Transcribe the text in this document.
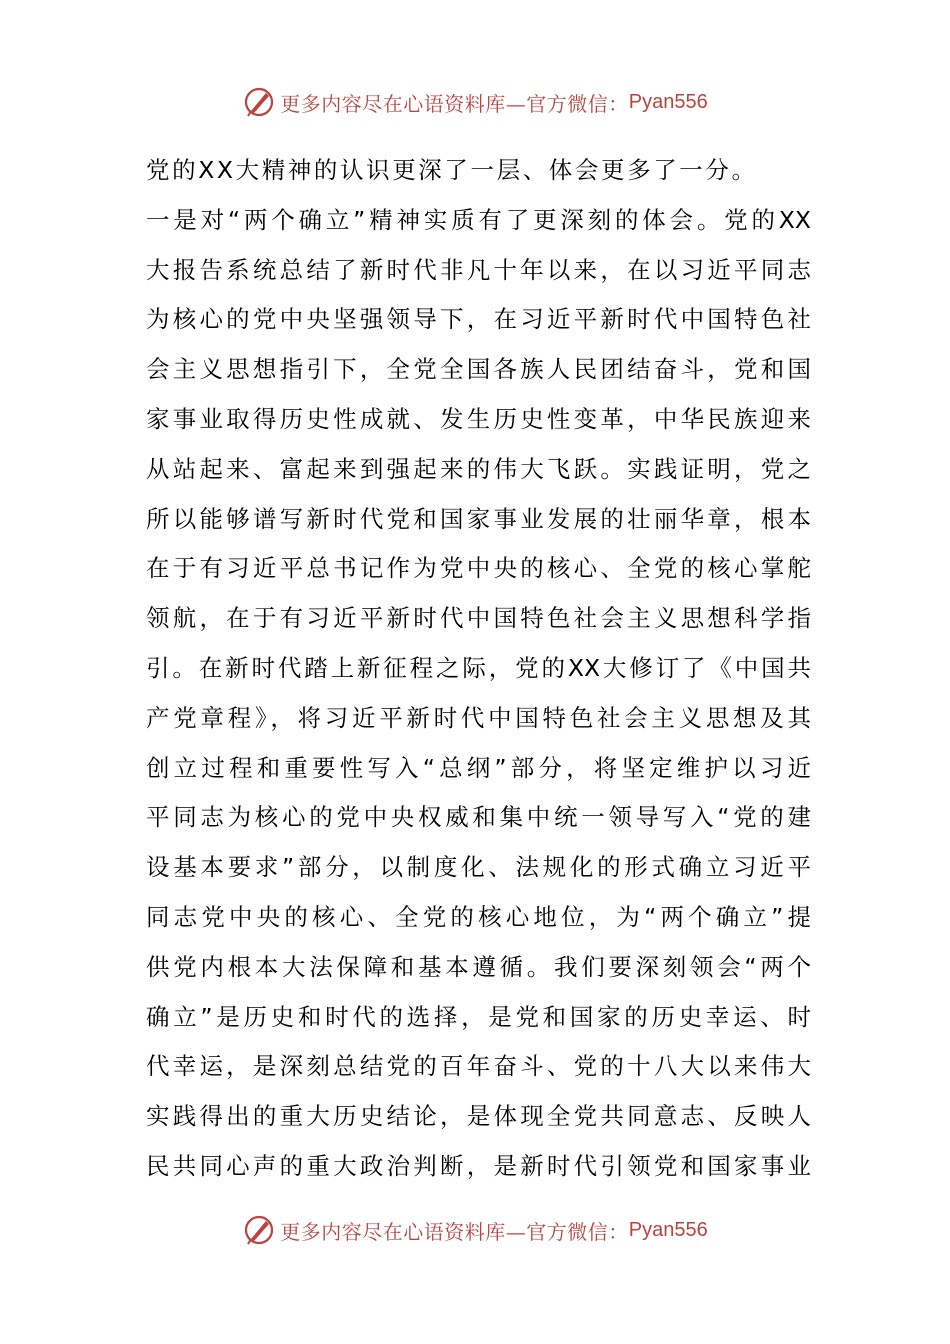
更多内容尽在心语资料库—官方微信： Pyan556
党的XX大精神的认识更深了一层、体会更多了一分。
一是对“两个确立”精神实质有了更深刻的体会。党的XX
大报告系统总结了新时代非凡十年以来，在以习近平同志
为核心的党中央坚强领导下，在习近平新时代中国特色社
会主义思想指引下，全党全国各族人民团结奋斗，党和国
家事业取得历史性成就、发生历史性变革，中华民族迎来
从站起来、富起来到强起来的伟大飞跃。实践证明，党之
所以能够谱写新时代党和国家事业发展的壮丽华章，根本
在于有习近平总书记作为党中央的核心、全党的核心掌舵
领航，在于有习近平新时代中国特色社会主义思想科学指
引。在新时代踏上新征程之际，党的XX大修订了《中国共
产党章程》，将习近平新时代中国特色社会主义思想及其
创立过程和重要性写入“总纲”部分，将坚定维护以习近
平同志为核心的党中央权威和集中统一领导写入“党的建
设基本要求”部分，以制度化、法规化的形式确立习近平
同志党中央的核心、全党的核心地位，为“两个确立”提
供党内根本大法保障和基本遵循。我们要深刻领会“两个
确立”是历史和时代的选择，是党和国家的历史幸运、时
代幸运，是深刻总结党的百年奋斗、党的十八大以来伟大
实践得出的重大历史结论，是体现全党共同意志、反映人
民共同心声的重大政治判断，是新时代引领党和国家事业
更多内容尽在心语资料库—官方微信： Pyan556
